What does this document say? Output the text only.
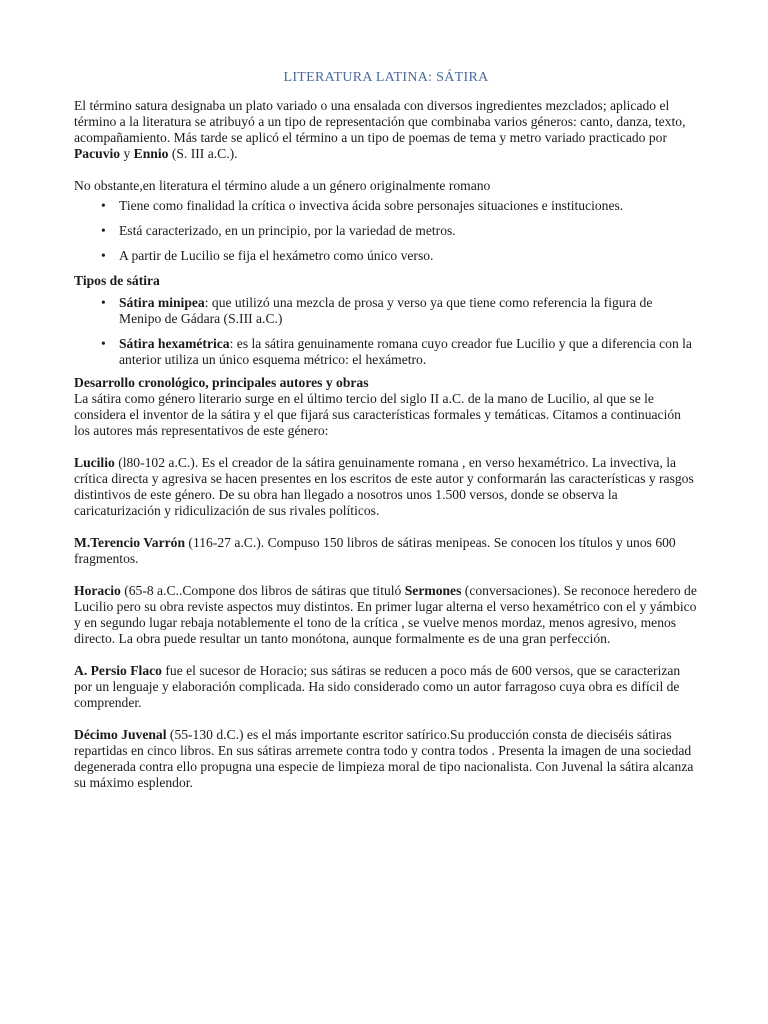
LITERATURA LATINA: SÁTIRA

El término satura designaba un plato variado o una ensalada con diversos ingredientes mezclados; aplicado el término a la literatura se atribuyó a un tipo de representación que combinaba varios géneros: canto, danza, texto, acompañamiento. Más tarde se aplicó el término a un tipo de poemas de tema y metro variado practicado por Pacuvio y Ennio (S. III a.C.).

No obstante,en literatura el término alude a un género originalmente romano

• Tiene como finalidad la crítica o invectiva ácida sobre personajes situaciones e instituciones.
• Está caracterizado, en un principio, por la variedad de metros.
• A partir de Lucilio se fija el hexámetro como único verso.

Tipos de sátira

• Sátira minipea: que utilizó una mezcla de prosa y verso ya que tiene como referencia la figura de Menipo de Gádara (S.III a.C.)
• Sátira hexamétrica: es la sátira genuinamente romana cuyo creador fue Lucilio y que a diferencia con la anterior utiliza un único esquema métrico: el hexámetro.

Desarrollo cronológico, principales autores y obras

La sátira como género literario surge en el último tercio del siglo II a.C. de la mano de Lucilio, al que se le considera el inventor de la sátira y el que fijará sus características formales y temáticas. Citamos a continuación los autores más representativos de este género:

Lucilio (l80-102 a.C.). Es el creador de la sátira genuinamente romana , en verso hexamétrico. La invectiva, la crítica directa y agresiva se hacen presentes en los escritos de este autor y conformarán las características y rasgos distintivos de este género. De su obra han llegado a nosotros unos 1.500 versos, donde se observa la caricaturización y ridiculización de sus rivales políticos.

M.Terencio Varrón (116-27 a.C.). Compuso 150 libros de sátiras menipeas. Se conocen los títulos y unos 600 fragmentos.

Horacio (65-8 a.C..Compone dos libros de sátiras que tituló Sermones (conversaciones). Se reconoce heredero de Lucilio pero su obra reviste aspectos muy distintos. En primer lugar alterna el verso hexamétrico con el y yámbico y en segundo lugar rebaja notablemente el tono de la crítica , se vuelve menos mordaz, menos agresivo, menos directo. La obra puede resultar un tanto monótona, aunque formalmente es de una gran perfección.

A. Persio Flaco fue el sucesor de Horacio; sus sátiras se reducen a poco más de 600 versos, que se caracterizan por un lenguaje y elaboración complicada. Ha sido considerado como un autor farragoso cuya obra es difícil de comprender.

Décimo Juvenal (55-130 d.C.) es el más importante escritor satírico.Su producción consta de dieciséis sátiras repartidas en cinco libros. En sus sátiras arremete contra todo y contra todos . Presenta la imagen de una sociedad degenerada contra ello propugna una especie de limpieza moral de tipo nacionalista. Con Juvenal la sátira alcanza su máximo esplendor.
